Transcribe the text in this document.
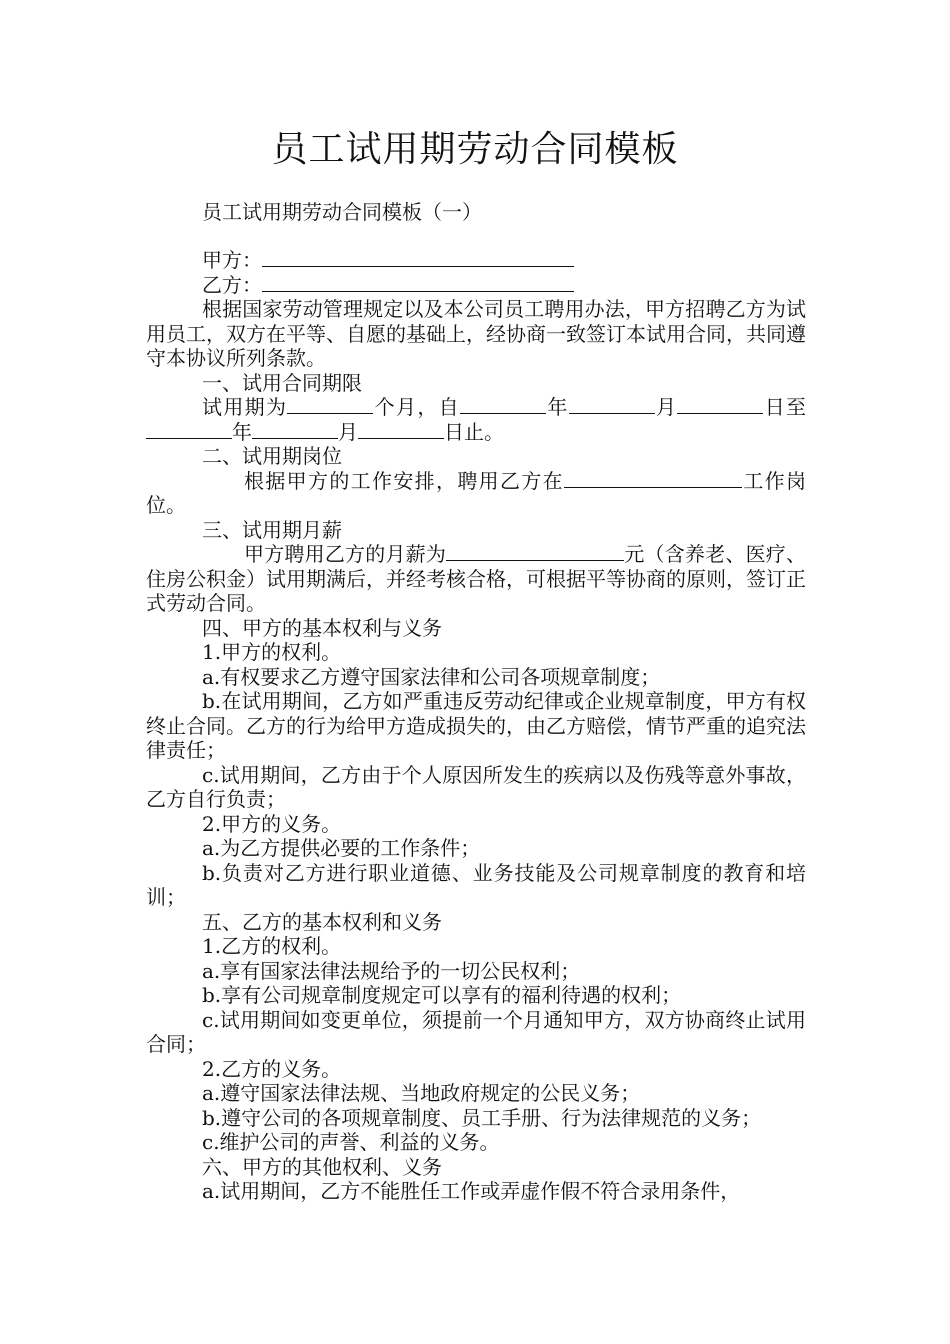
员工试用期劳动合同模板
员工试用期劳动合同模板（一）

甲方：

乙方：

根据国家劳动管理规定以及本公司员工聘用办法，甲方招聘乙方为试用员工，双方在平等、自愿的基础上，经协商一致签订本试用合同，共同遵守本协议所列条款。

一、试用合同期限

试用期为	个月，自	年	月	日至年	月	日止。

二、试用期岗位

根据甲方的工作安排，聘用乙方在	工作岗位。

三、试用期月薪

甲方聘用乙方的月薪为	元（含养老、医疗、住房公积金）试用期满后，并经考核合格，可根据平等协商的原则，签订正式劳动合同。

四、甲方的基本权利与义务

1.甲方的权利。

a.有权要求乙方遵守国家法律和公司各项规章制度；

b.在试用期间，乙方如严重违反劳动纪律或企业规章制度，甲方有权终止合同。乙方的行为给甲方造成损失的，由乙方赔偿，情节严重的追究法律责任；

c.试用期间，乙方由于个人原因所发生的疾病以及伤残等意外事故，乙方自行负责；

2.甲方的义务。

a.为乙方提供必要的工作条件；

b.负责对乙方进行职业道德、业务技能及公司规章制度的教育和培训；

五、乙方的基本权利和义务

1.乙方的权利。

a.享有国家法律法规给予的一切公民权利；

b.享有公司规章制度规定可以享有的福利待遇的权利；

c.试用期间如变更单位，须提前一个月通知甲方，双方协商终止试用合同；

2.乙方的义务。

a.遵守国家法律法规、当地政府规定的公民义务；

b.遵守公司的各项规章制度、员工手册、行为法律规范的义务；

c.维护公司的声誉、利益的义务。

六、甲方的其他权利、义务

a.试用期间，乙方不能胜任工作或弄虚作假不符合录用条件，
